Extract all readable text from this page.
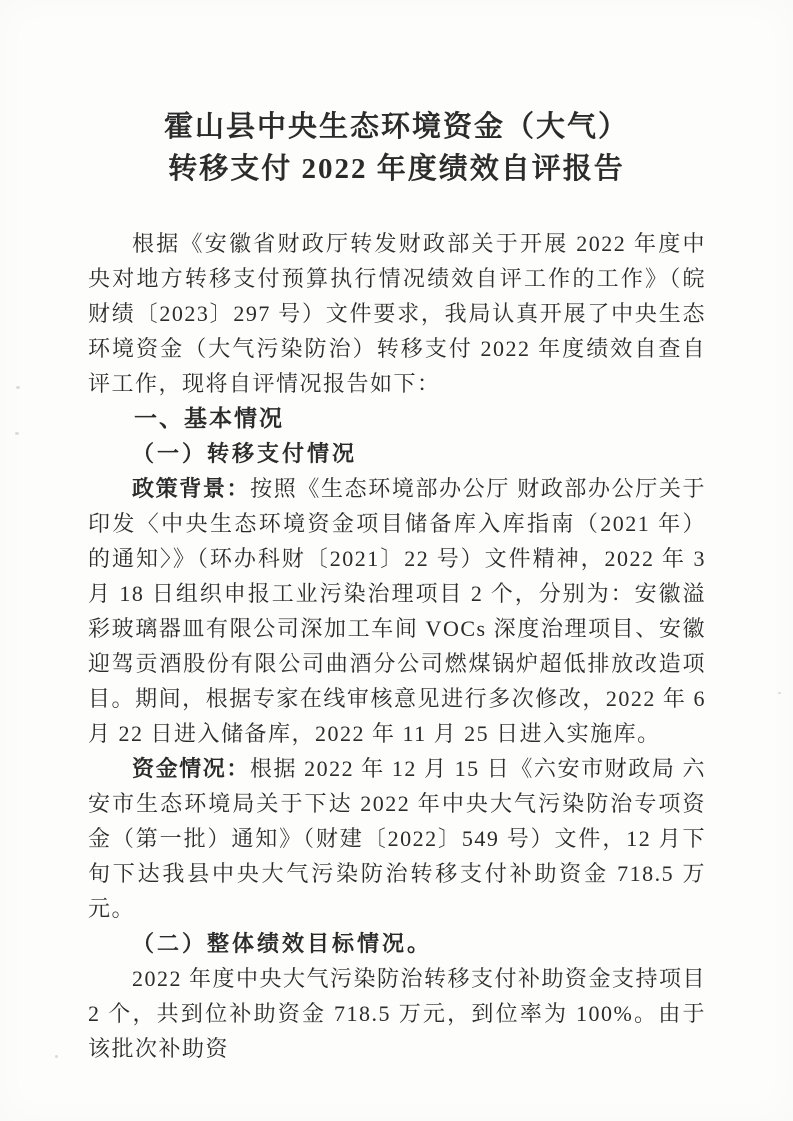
霍山县中央生态环境资金（大气）
转移支付 2022 年度绩效自评报告

根据《安徽省财政厅转发财政部关于开展 2022 年度中央对地方转移支付预算执行情况绩效自评工作的工作》（皖财绩〔2023〕297 号）文件要求，我局认真开展了中央生态环境资金（大气污染防治）转移支付 2022 年度绩效自查自评工作，现将自评情况报告如下：

一、基本情况
（一）转移支付情况

政策背景：按照《生态环境部办公厅 财政部办公厅关于印发〈中央生态环境资金项目储备库入库指南（2021 年）的通知〉》（环办科财〔2021〕22 号）文件精神，2022 年 3 月 18 日组织申报工业污染治理项目 2 个，分别为：安徽溢彩玻璃器皿有限公司深加工车间 VOCs 深度治理项目、安徽迎驾贡酒股份有限公司曲酒分公司燃煤锅炉超低排放改造项目。期间，根据专家在线审核意见进行多次修改，2022 年 6 月 22 日进入储备库，2022 年 11 月 25 日进入实施库。

资金情况：根据 2022 年 12 月 15 日《六安市财政局 六安市生态环境局关于下达 2022 年中央大气污染防治专项资金（第一批）通知》（财建〔2022〕549 号）文件，12 月下旬下达我县中央大气污染防治转移支付补助资金 718.5 万元。

（二）整体绩效目标情况。

2022 年度中央大气污染防治转移支付补助资金支持项目 2 个，共到位补助资金 718.5 万元，到位率为 100%。由于该批次补助资
